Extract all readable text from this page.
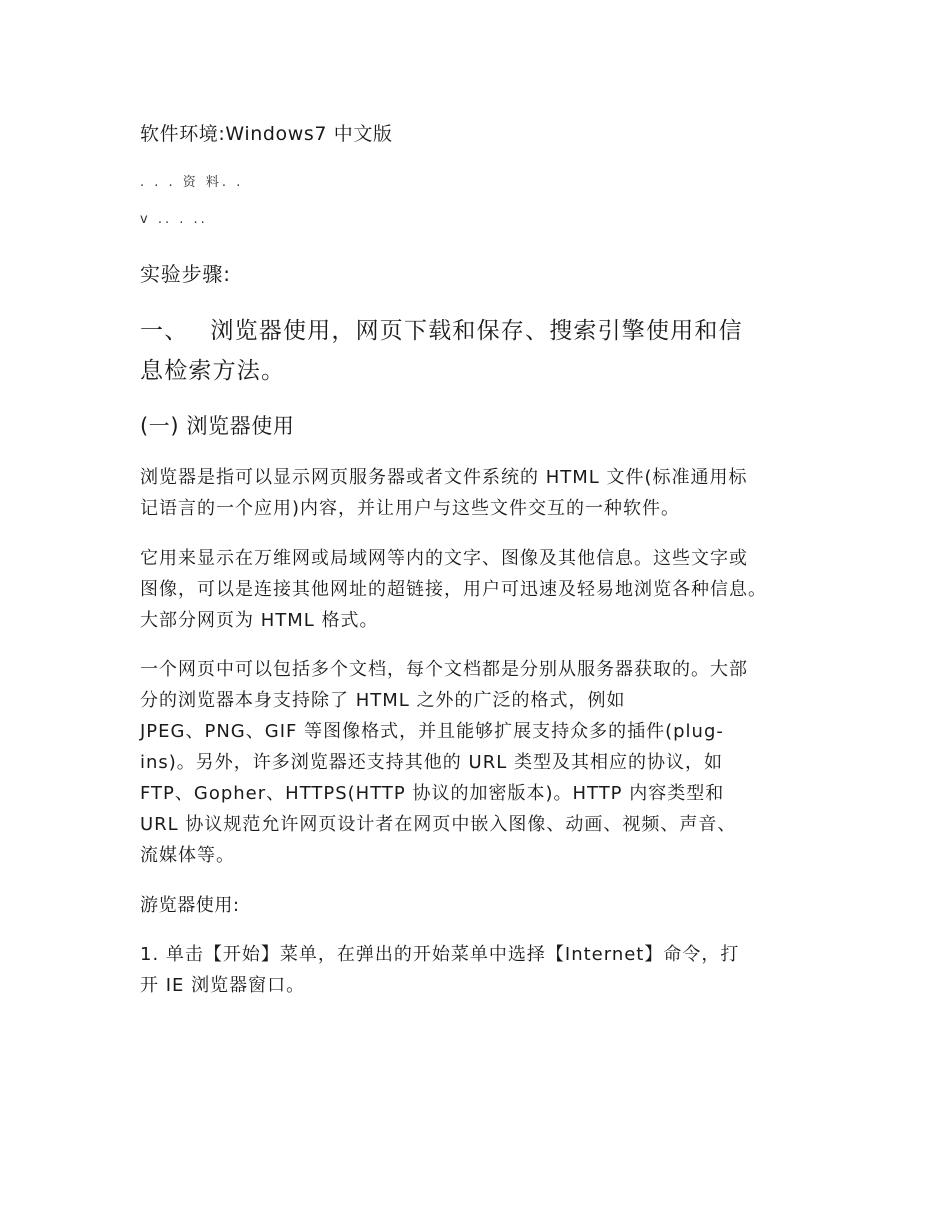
软件环境:Windows7 中文版
. . . 资 料. .
v .. . ..
实验步骤:
一、 浏览器使用，网页下载和保存、搜索引擎使用和信
息检索方法。
(一) 浏览器使用
浏览器是指可以显示网页服务器或者文件系统的 HTML 文件(标准通用标
记语言的一个应用)内容，并让用户与这些文件交互的一种软件。
它用来显示在万维网或局域网等内的文字、图像及其他信息。这些文字或
图像，可以是连接其他网址的超链接，用户可迅速及轻易地浏览各种信息。
大部分网页为 HTML 格式。
一个网页中可以包括多个文档，每个文档都是分别从服务器获取的。大部
分的浏览器本身支持除了 HTML 之外的广泛的格式，例如
JPEG、PNG、GIF 等图像格式，并且能够扩展支持众多的插件(plug-
ins)。另外，许多浏览器还支持其他的 URL 类型及其相应的协议，如
FTP、Gopher、HTTPS(HTTP 协议的加密版本)。HTTP 内容类型和
URL 协议规范允许网页设计者在网页中嵌入图像、动画、视频、声音、
流媒体等。
游览器使用:
1. 单击【开始】菜单，在弹出的开始菜单中选择【Internet】命令，打
开 IE 浏览器窗口。
